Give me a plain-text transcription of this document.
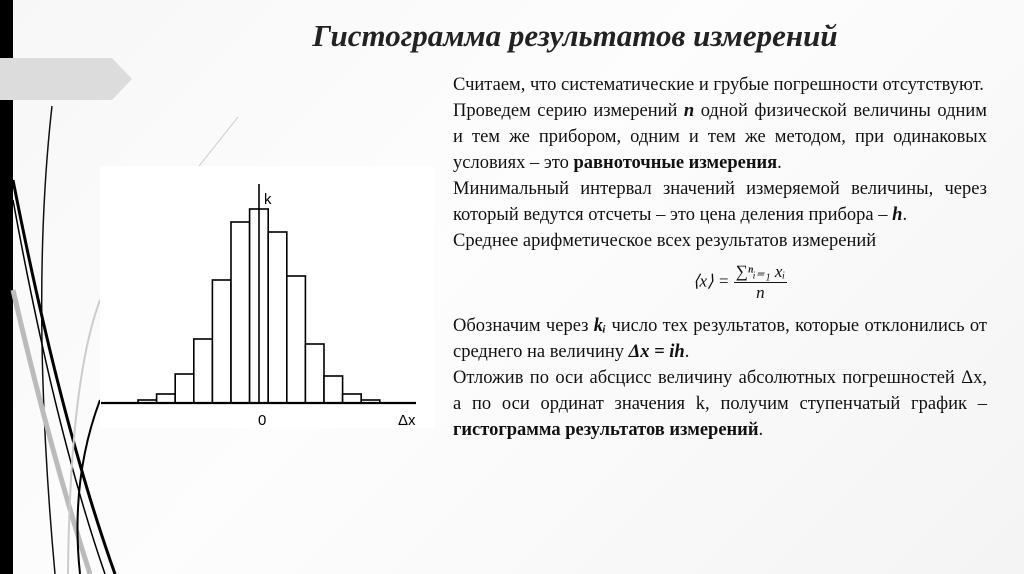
Гистограмма результатов измерений
k
0	Δx

Считаем, что систематические и грубые погрешности отсутствуют.

Проведем серию измерений n одной физической величины одним и тем же прибором, одним и тем же методом, при одинаковых условиях – это равноточные измерения.

Минимальный интервал значений измеряемой величины, через который ведутся отсчеты – это цена деления прибора – h.

Среднее арифметическое всех результатов измерений

⟨x⟩ = $\frac{\text{∑ⁿᵢ₌₁ xᵢ}}{n}$

Обозначим через kᵢ число тех результатов, которые отклонились от среднего на величину Δx = ih.

Отложив по оси абсцисс величину абсолютных погрешностей Δx, а по оси ординат значения k, получим ступенчатый график – гистограмма результатов измерений.
